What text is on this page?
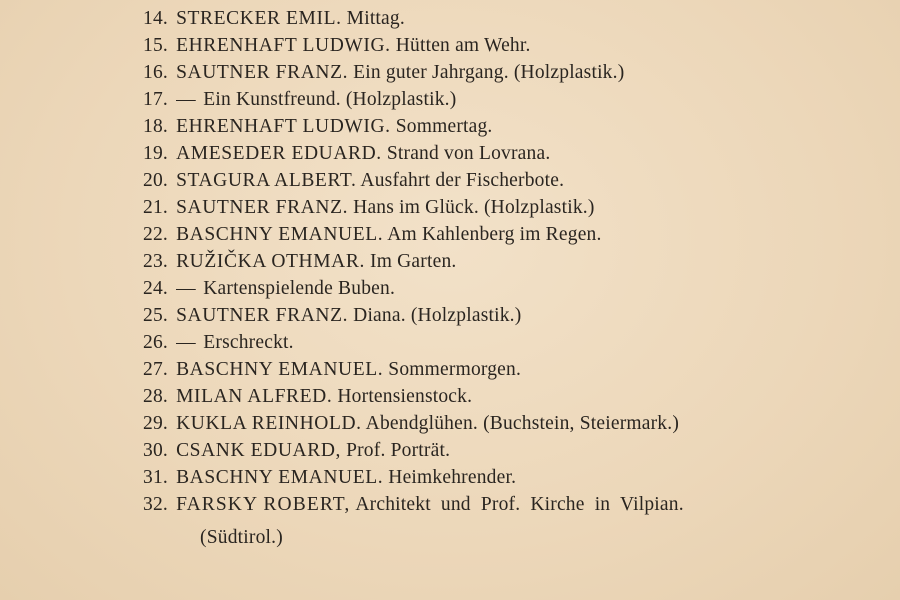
14. STRECKER EMIL. Mittag.
15. EHRENHAFT LUDWIG. Hütten am Wehr.
16. SAUTNER FRANZ. Ein guter Jahrgang. (Holzplastik.)
17. — Ein Kunstfreund. (Holzplastik.)
18. EHRENHAFT LUDWIG. Sommertag.
19. AMESEDER EDUARD. Strand von Lovrana.
20. STAGURA ALBERT. Ausfahrt der Fischerbote.
21. SAUTNER FRANZ. Hans im Glück. (Holzplastik.)
22. BASCHNY EMANUEL. Am Kahlenberg im Regen.
23. RUŽIČKA OTHMAR. Im Garten.
24. — Kartenspielende Buben.
25. SAUTNER FRANZ. Diana. (Holzplastik.)
26. — Erschreckt.
27. BASCHNY EMANUEL. Sommermorgen.
28. MILAN ALFRED. Hortensienstock.
29. KUKLA REINHOLD. Abendglühen. (Buchstein, Steiermark.)
30. CSANK EDUARD, Prof. Porträt.
31. BASCHNY EMANUEL. Heimkehrender.
32. FARSKY ROBERT, Architekt und Prof. Kirche in Vilpian.
(Südtirol.)
